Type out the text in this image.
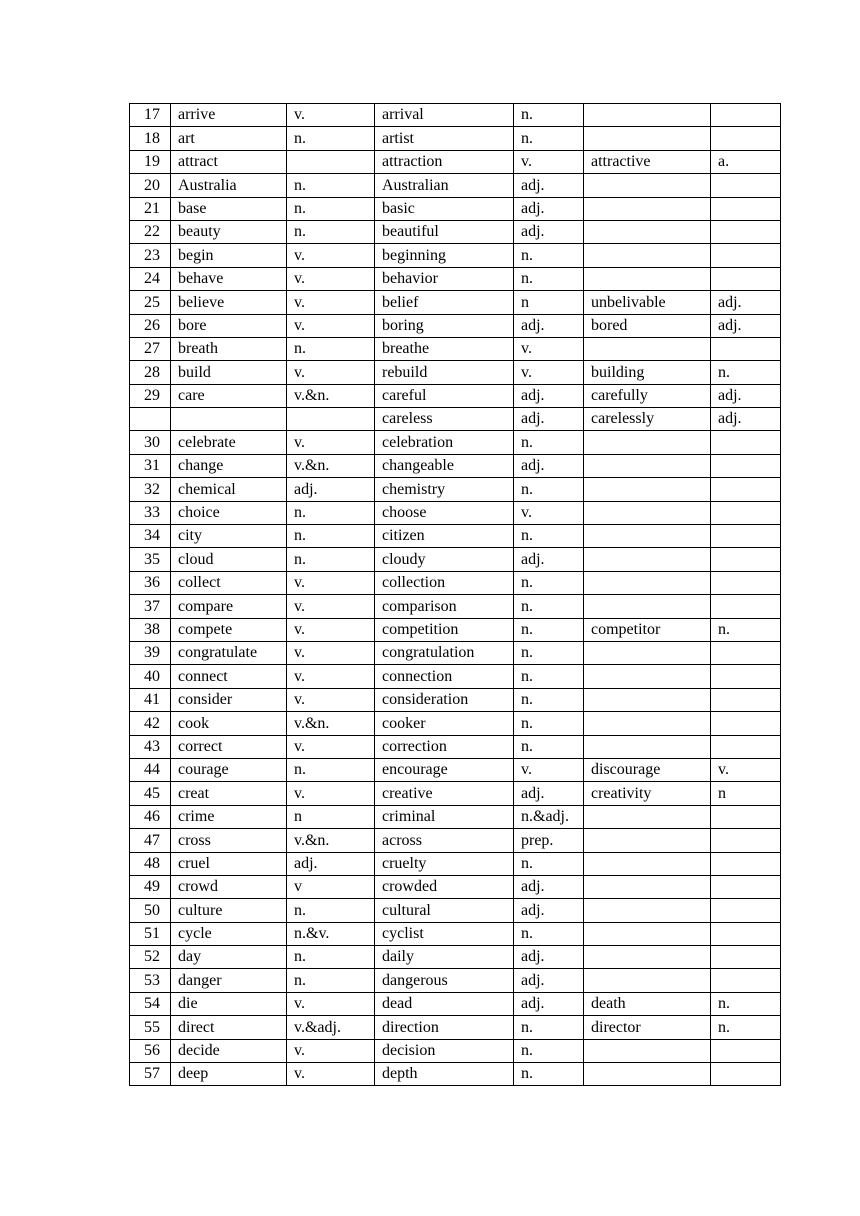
17	arrive	v.	arrival	n.		
18	art	n.	artist	n.		
19	attract		attraction	v.	attractive	a.
20	Australia	n.	Australian	adj.		
21	base	n.	basic	adj.		
22	beauty	n.	beautiful	adj.		
23	begin	v.	beginning	n.		
24	behave	v.	behavior	n.		
25	believe	v.	belief	n	unbelivable	adj.
26	bore	v.	boring	adj.	bored	adj.
27	breath	n.	breathe	v.		
28	build	v.	rebuild	v.	building	n.
29	care	v.&n.	careful	adj.	carefully	adj.
			careless	adj.	carelessly	adj.
30	celebrate	v.	celebration	n.		
31	change	v.&n.	changeable	adj.		
32	chemical	adj.	chemistry	n.		
33	choice	n.	choose	v.		
34	city	n.	citizen	n.		
35	cloud	n.	cloudy	adj.		
36	collect	v.	collection	n.		
37	compare	v.	comparison	n.		
38	compete	v.	competition	n.	competitor	n.
39	congratulate	v.	congratulation	n.		
40	connect	v.	connection	n.		
41	consider	v.	consideration	n.		
42	cook	v.&n.	cooker	n.		
43	correct	v.	correction	n.		
44	courage	n.	encourage	v.	discourage	v.
45	creat	v.	creative	adj.	creativity	n
46	crime	n	criminal	n.&adj.		
47	cross	v.&n.	across	prep.		
48	cruel	adj.	cruelty	n.		
49	crowd	v	crowded	adj.		
50	culture	n.	cultural	adj.		
51	cycle	n.&v.	cyclist	n.		
52	day	n.	daily	adj.		
53	danger	n.	dangerous	adj.		
54	die	v.	dead	adj.	death	n.
55	direct	v.&adj.	direction	n.	director	n.
56	decide	v.	decision	n.		
57	deep	v.	depth	n.		
